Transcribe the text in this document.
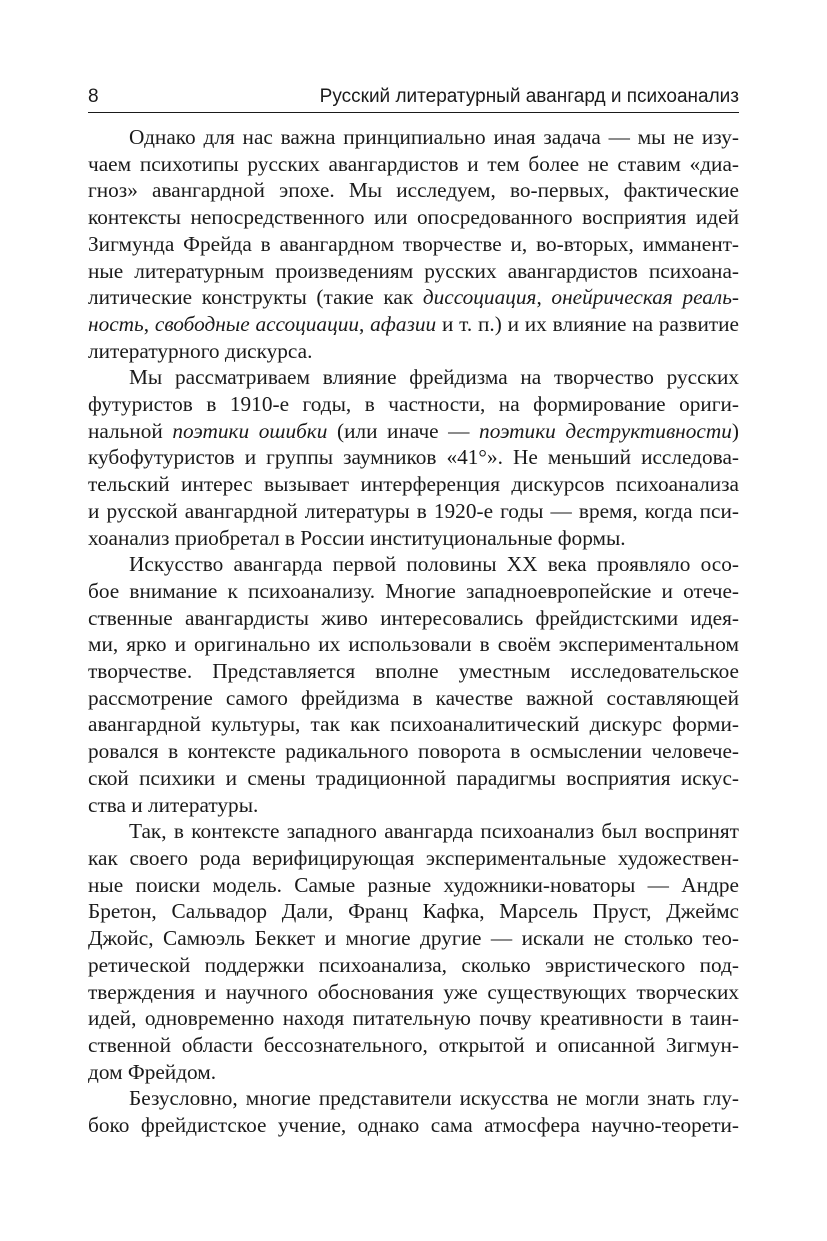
8	Русский литературный авангард и психоанализ

Однако для нас важна принципиально иная задача — мы не изу-
чаем психотипы русских авангардистов и тем более не ставим «диа-
гноз» авангардной эпохе. Мы исследуем, во-первых, фактические
контексты непосредственного или опосредованного восприятия идей
Зигмунда Фрейда в авангардном творчестве и, во-вторых, имманент-
ные литературным произведениям русских авангардистов психоана-
литические конструкты (такие как диссоциация, онейрическая реаль-
ность, свободные ассоциации, афазии и т. п.) и их влияние на развитие
литературного дискурса.

Мы рассматриваем влияние фрейдизма на творчество русских
футуристов в 1910-е годы, в частности, на формирование ориги-
нальной поэтики ошибки (или иначе — поэтики деструктивности)
кубофутуристов и группы заумников «41°». Не меньший исследова-
тельский интерес вызывает интерференция дискурсов психоанализа
и русской авангардной литературы в 1920-е годы — время, когда пси-
хоанализ приобретал в России институциональные формы.

Искусство авангарда первой половины XX века проявляло осо-
бое внимание к психоанализу. Многие западноевропейские и отече-
ственные авангардисты живо интересовались фрейдистскими идея-
ми, ярко и оригинально их использовали в своём экспериментальном
творчестве. Представляется вполне уместным исследовательское
рассмотрение самого фрейдизма в качестве важной составляющей
авангардной культуры, так как психоаналитический дискурс форми-
ровался в контексте радикального поворота в осмыслении человече-
ской психики и смены традиционной парадигмы восприятия искус-
ства и литературы.

Так, в контексте западного авангарда психоанализ был воспринят
как своего рода верифицирующая экспериментальные художествен-
ные поиски модель. Самые разные художники-новаторы — Андре
Бретон, Сальвадор Дали, Франц Кафка, Марсель Пруст, Джеймс
Джойс, Самюэль Беккет и многие другие — искали не столько тео-
ретической поддержки психоанализа, сколько эвристического под-
тверждения и научного обоснования уже существующих творческих
идей, одновременно находя питательную почву креативности в таин-
ственной области бессознательного, открытой и описанной Зигмун-
дом Фрейдом.

Безусловно, многие представители искусства не могли знать глу-
боко фрейдистское учение, однако сама атмосфера научно-теорети-
